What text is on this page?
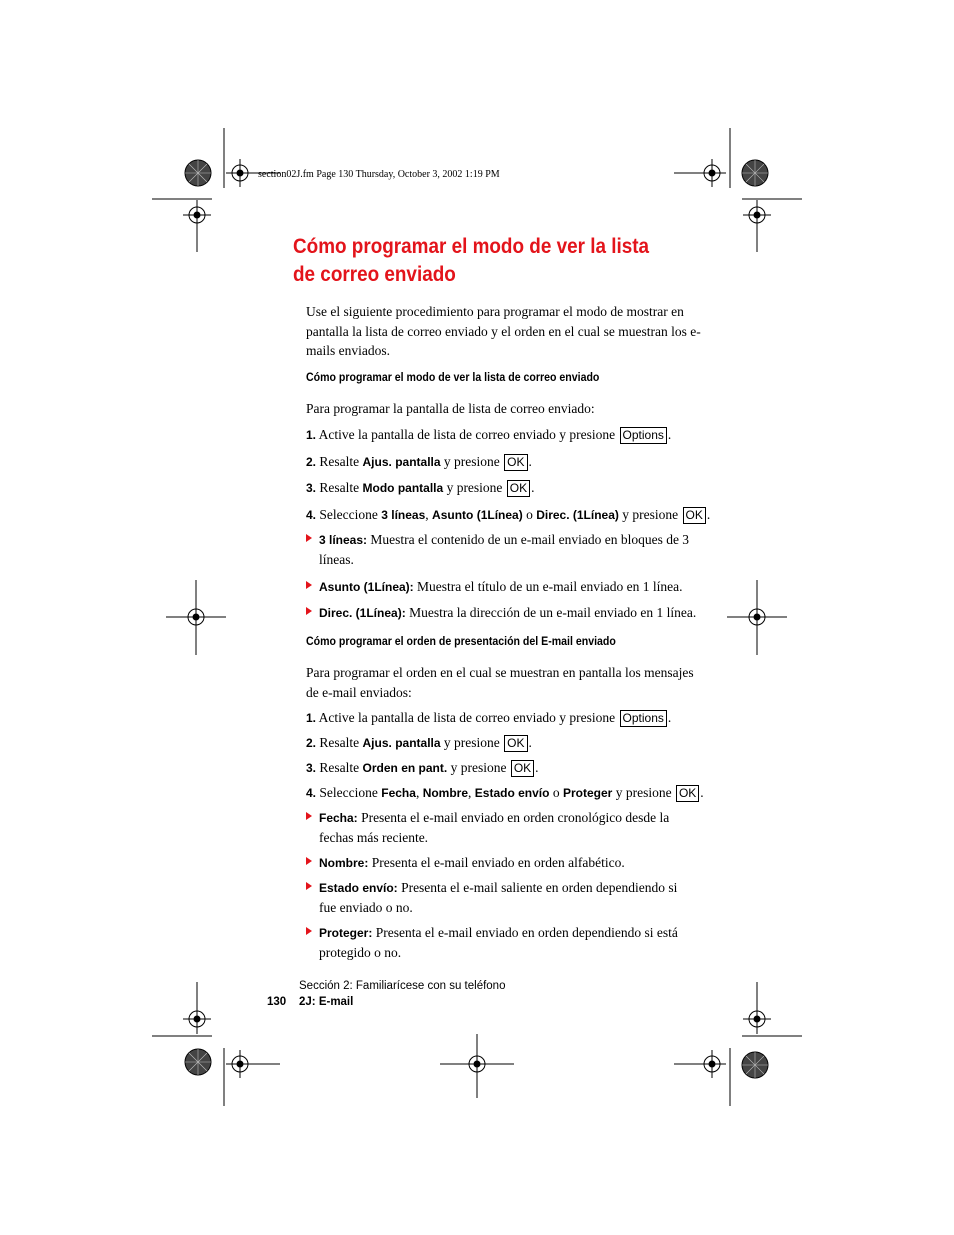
section02J.fm Page 130 Thursday, October 3, 2002 1:19 PM
Cómo programar el modo de ver la lista de correo enviado
Use el siguiente procedimiento para programar el modo de mostrar en pantalla la lista de correo enviado y el orden en el cual se muestran los e-mails enviados.
Cómo programar el modo de ver la lista de correo enviado
Para programar la pantalla de lista de correo enviado:
1. Active la pantalla de lista de correo enviado y presione Options .
2. Resalte Ajus. pantalla y presione OK .
3. Resalte Modo pantalla y presione OK .
4. Seleccione 3 líneas, Asunto (1Línea) o Direc. (1Línea) y presione OK .
3 líneas: Muestra el contenido de un e-mail enviado en bloques de 3 líneas.
Asunto (1Línea): Muestra el título de un e-mail enviado en 1 línea.
Direc. (1Línea): Muestra la dirección de un e-mail enviado en 1 línea.
Cómo programar el orden de presentación del E-mail enviado
Para programar el orden en el cual se muestran en pantalla los mensajes de e-mail enviados:
1. Active la pantalla de lista de correo enviado y presione Options .
2. Resalte Ajus. pantalla y presione OK .
3. Resalte Orden en pant. y presione OK .
4. Seleccione Fecha, Nombre, Estado envío o Proteger y presione OK .
Fecha: Presenta el e-mail enviado en orden cronológico desde la fechas más reciente.
Nombre: Presenta el e-mail enviado en orden alfabético.
Estado envío: Presenta el e-mail saliente en orden dependiendo si fue enviado o no.
Proteger: Presenta el e-mail enviado en orden dependiendo si está protegido o no.
Sección 2: Familiarícese con su teléfono
130 2J: E-mail
